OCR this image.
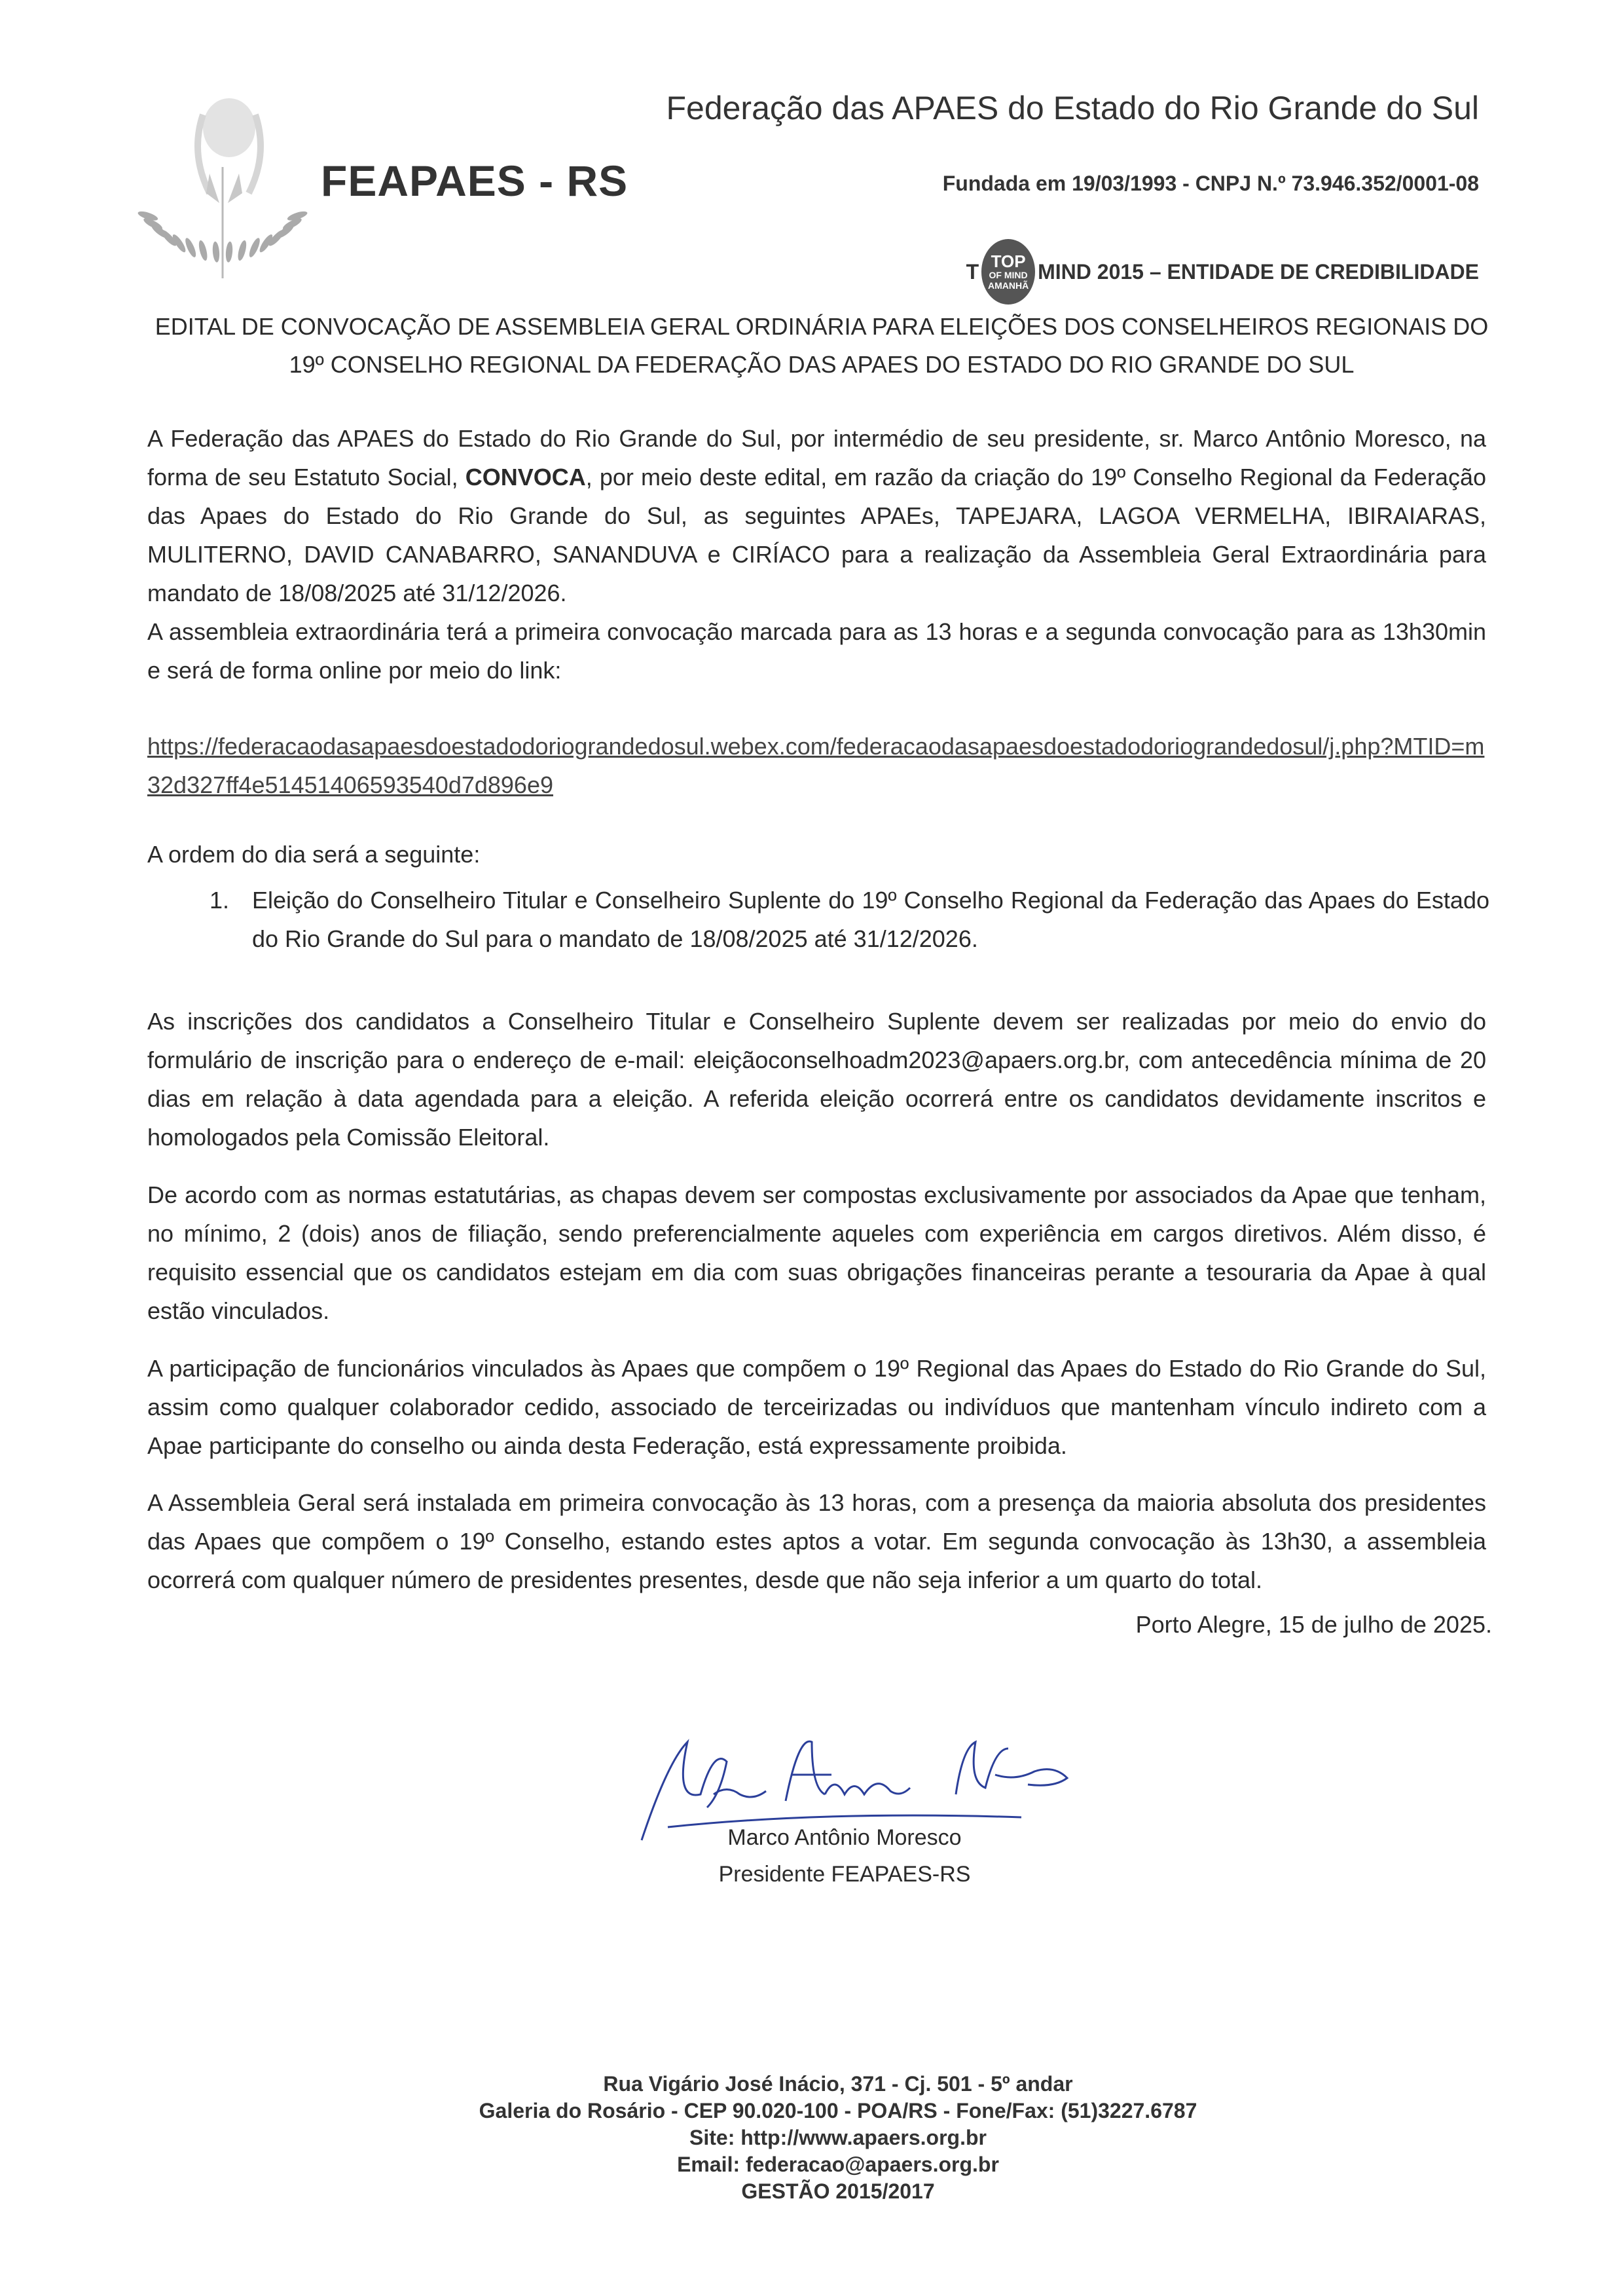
FEAPAES - RS
Federação das APAES do Estado do Rio Grande do Sul
Fundada em 19/03/1993 - CNPJ N.º 73.946.352/0001-08
T TOP
OF MIND
AMANHÃ
MIND 2015 – ENTIDADE DE CREDIBILIDADE
EDITAL DE CONVOCAÇÃO DE ASSEMBLEIA GERAL ORDINÁRIA PARA ELEIÇÕES DOS CONSELHEIROS REGIONAIS DO 19º CONSELHO REGIONAL DA FEDERAÇÃO DAS APAES DO ESTADO DO RIO GRANDE DO SUL
A Federação das APAES do Estado do Rio Grande do Sul, por intermédio de seu presidente, sr. Marco Antônio Moresco, na forma de seu Estatuto Social, CONVOCA, por meio deste edital, em razão da criação do 19º Conselho Regional da Federação das Apaes do Estado do Rio Grande do Sul, as seguintes APAEs, TAPEJARA, LAGOA VERMELHA, IBIRAIARAS, MULITERNO, DAVID CANABARRO, SANANDUVA e CIRÍACO para a realização da Assembleia Geral Extraordinária para mandato de 18/08/2025 até 31/12/2026.
A assembleia extraordinária terá a primeira convocação marcada para as 13 horas e a segunda convocação para as 13h30min e será de forma online por meio do link:
https://federacaodasapaesdoestadodoriograndedosul.webex.com/federacaodasapaesdoestadodoriograndedosul/j.php?MTID=m32d327ff4e51451406593540d7d896e9
A ordem do dia será a seguinte:
1. Eleição do Conselheiro Titular e Conselheiro Suplente do 19º Conselho Regional da Federação das Apaes do Estado do Rio Grande do Sul para o mandato de 18/08/2025 até 31/12/2026.
As inscrições dos candidatos a Conselheiro Titular e Conselheiro Suplente devem ser realizadas por meio do envio do formulário de inscrição para o endereço de e-mail: eleiçãoconselhoadm2023@apaers.org.br, com antecedência mínima de 20 dias em relação à data agendada para a eleição. A referida eleição ocorrerá entre os candidatos devidamente inscritos e homologados pela Comissão Eleitoral.
De acordo com as normas estatutárias, as chapas devem ser compostas exclusivamente por associados da Apae que tenham, no mínimo, 2 (dois) anos de filiação, sendo preferencialmente aqueles com experiência em cargos diretivos. Além disso, é requisito essencial que os candidatos estejam em dia com suas obrigações financeiras perante a tesouraria da Apae à qual estão vinculados.
A participação de funcionários vinculados às Apaes que compõem o 19º Regional das Apaes do Estado do Rio Grande do Sul, assim como qualquer colaborador cedido, associado de terceirizadas ou indivíduos que mantenham vínculo indireto com a Apae participante do conselho ou ainda desta Federação, está expressamente proibida.
A Assembleia Geral será instalada em primeira convocação às 13 horas, com a presença da maioria absoluta dos presidentes das Apaes que compõem o 19º Conselho, estando estes aptos a votar. Em segunda convocação às 13h30, a assembleia ocorrerá com qualquer número de presidentes presentes, desde que não seja inferior a um quarto do total.
Porto Alegre, 15 de julho de 2025.
Marco Antônio Moresco
Presidente FEAPAES-RS
Rua Vigário José Inácio, 371 - Cj. 501 - 5º andar
Galeria do Rosário - CEP 90.020-100 - POA/RS - Fone/Fax: (51)3227.6787
Site: http://www.apaers.org.br
Email: federacao@apaers.org.br
GESTÃO 2015/2017
